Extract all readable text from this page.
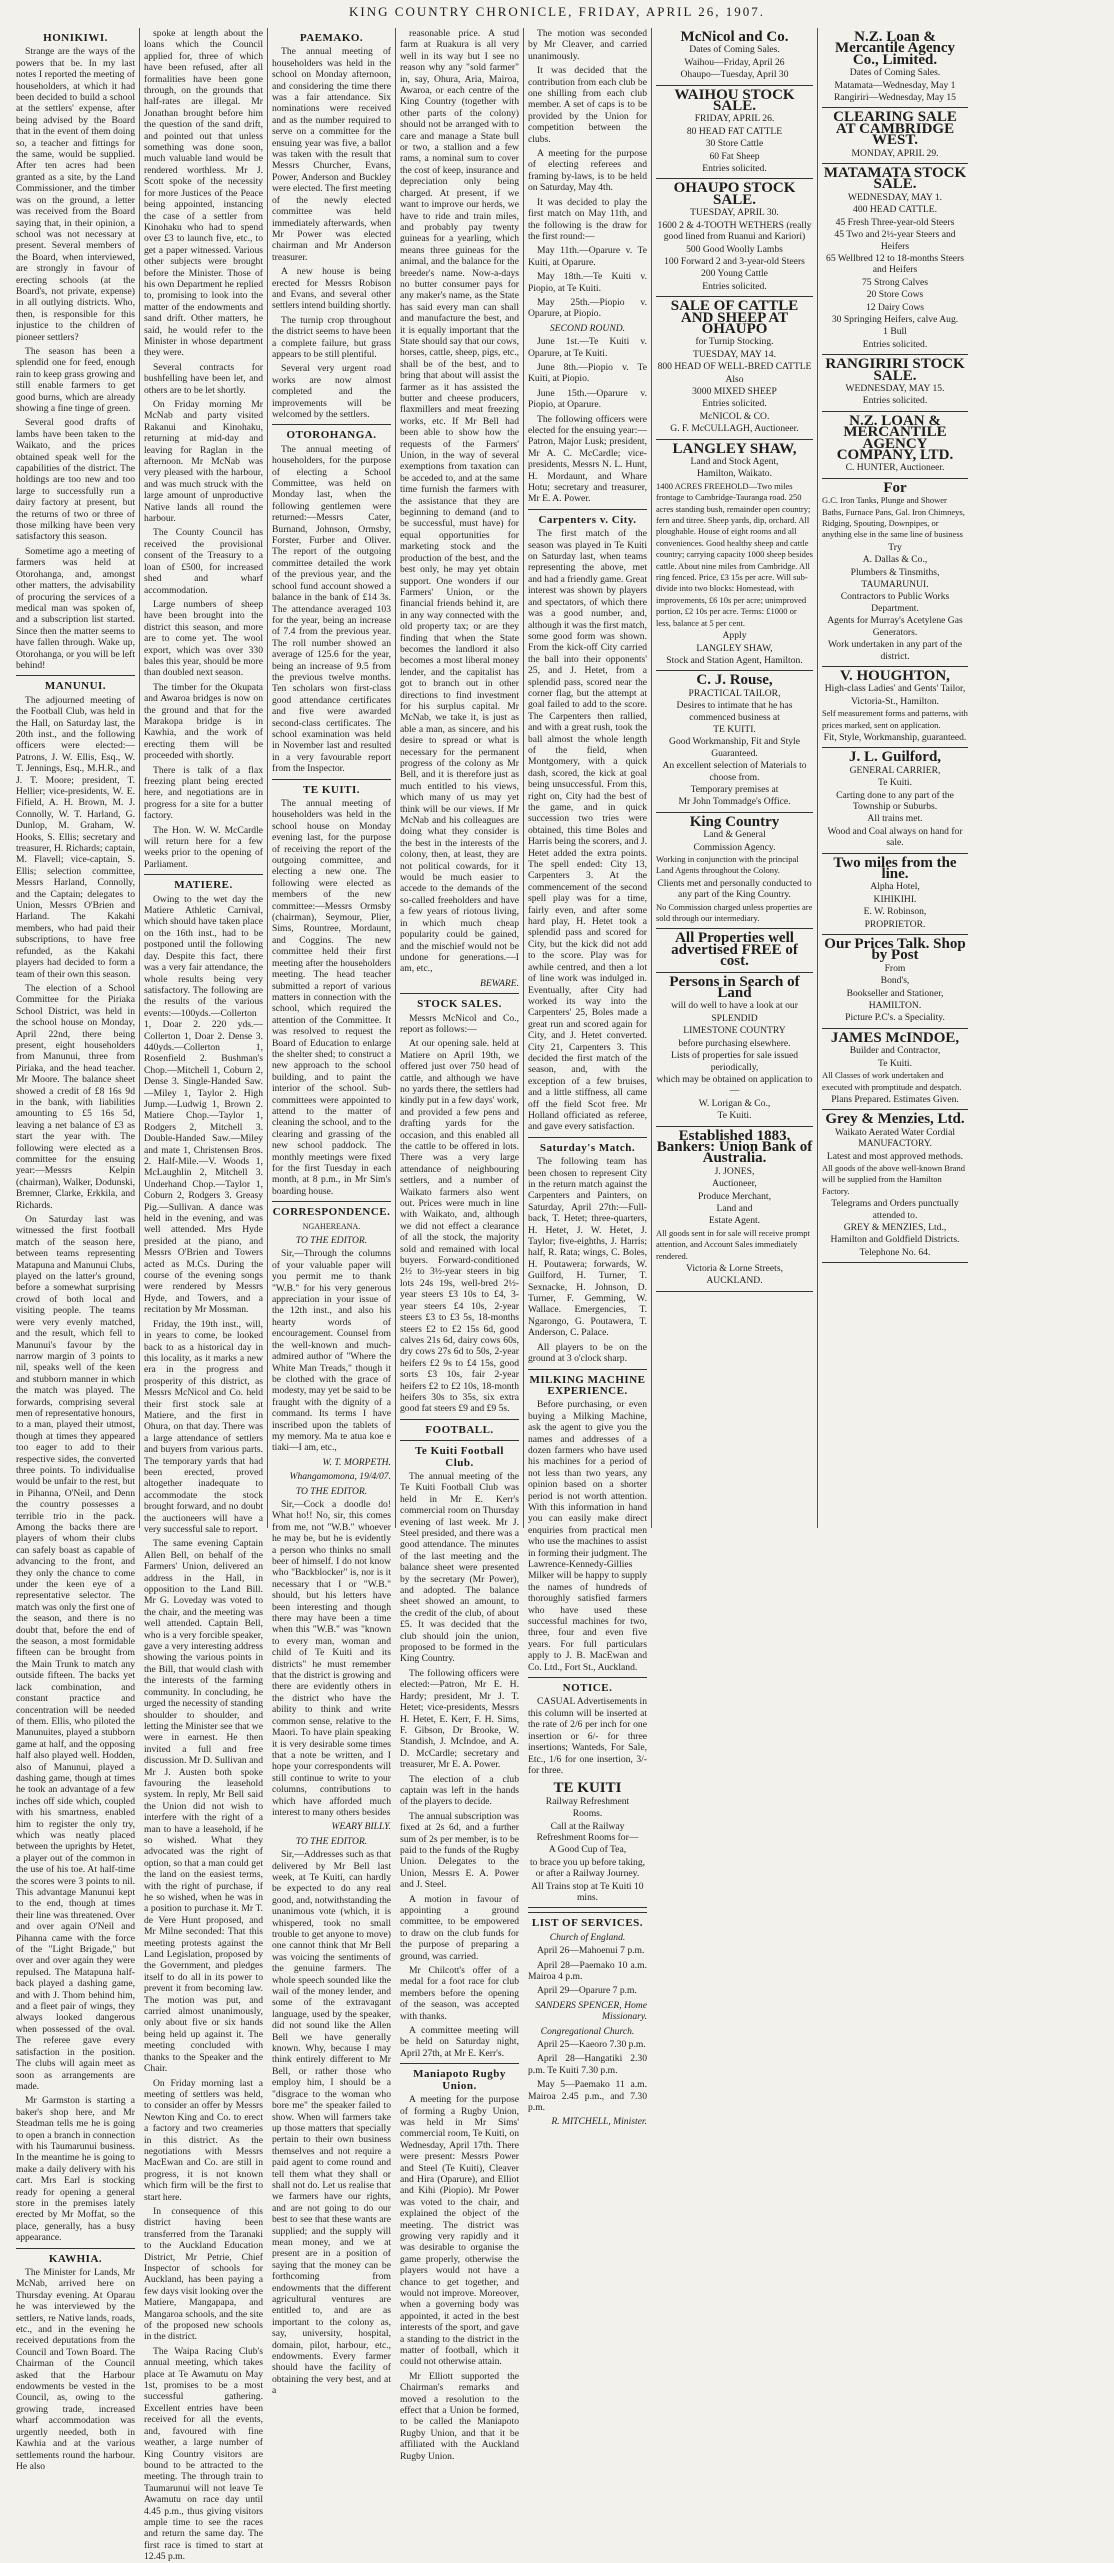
KING COUNTRY CHRONICLE, FRIDAY, APRIL 26, 1907.
HONIKIWI.

Strange are the ways of the powers that be. In my last notes I reported the meeting of householders, at which it had been decided to build a school at the settlers' expense, after being advised by the Board that in the event of them doing so, a teacher and fittings for the same, would be supplied. After ten acres had been granted as a site, by the Land Commissioner, and the timber was on the ground, a letter was received from the Board saying that, in their opinion, a school was not necessary at present. Several members of the Board, when interviewed, are strongly in favour of erecting schools (at the Board's, not private, expense) in all outlying districts. Who, then, is responsible for this injustice to the children of pioneer settlers?

The season has been a splendid one for feed, enough rain to keep grass growing and still enable farmers to get good burns, which are already showing a fine tinge of green.

Several good drafts of lambs have been taken to the Waikato, and the prices obtained speak well for the capabilities of the district. The holdings are too new and too large to successfully run a dairy factory at present, but the returns of two or three of those milking have been very satisfactory this season.

Sometime ago a meeting of farmers was held at Otorohanga, and, amongst other matters, the advisability of procuring the services of a medical man was spoken of, and a subscription list started. Since then the matter seems to have fallen through. Wake up, Otorohanga, or you will be left behind!

MANUNUI.

The adjourned meeting of the Football Club, was held in the Hall, on Saturday last, the 20th inst., and the following officers were elected:—Patrons, J. W. Ellis, Esq., W. T. Jennings, Esq., M.H.R., and J. T. Moore; president, T. Hellier; vice-presidents, W. E. Fifield, A. H. Brown, M. J. Connolly, W. T. Harland, G. Dunlop, M. Graham, W. Hooks, S. Ellis; secretary and treasurer, H. Richards; captain, M. Flavell; vice-captain, S. Ellis; selection committee, Messrs Harland, Connolly, and the Captain; delegates to Union, Messrs O'Brien and Harland. The Kakahi members, who had paid their subscriptions, to have free refunded, as the Kakahi players had decided to form a team of their own this season.

The election of a School Committee for the Piriaka School District, was held in the school house on Monday, April 22nd, there being present, eight householders from Manunui, three from Piriaka, and the head teacher. Mr Moore. The balance sheet showed a credit of £8 16s 9d in the bank, with liabilities amounting to £5 16s 5d, leaving a net balance of £3 as start the year with. The following were elected as a committee for the ensuing year:—Messrs Kelpin (chairman), Walker, Dodunski, Bremner, Clarke, Erkkila, and Richards.

On Saturday last was witnessed the first football match of the season here, between teams representing Matapuna and Manunui Clubs, played on the latter's ground, before a somewhat surprising crowd of both local and visiting people. The teams were very evenly matched, and the result, which fell to Manunui's favour by the narrow margin of 3 points to nil, speaks well of the keen and stubborn manner in which the match was played. The forwards, comprising several men of representative honours, to a man, played their utmost, though at times they appeared too eager to add to their respective sides, the converted three points. To individualise would be unfair to the rest, but in Pihanna, O'Neil, and Denn the country possesses a terrible trio in the pack. Among the backs there are players of whom their clubs can safely boast as capable of advancing to the front, and they only the chance to come under the keen eye of a representative selector. The match was only the first one of the season, and there is no doubt that, before the end of the season, a most formidable fifteen can be brought from the Main Trunk to match any outside fifteen. The backs yet lack combination, and constant practice and concentration will be needed of them. Ellis, who piloted the Manunuites, played a stubborn game at half, and the opposing half also played well. Hodden, also of Manunui, played a dashing game, though at times he took an advantage of a few inches off side which, coupled with his smartness, enabled him to register the only try, which was neatly placed between the uprights by Hetet, a player out of the common in the use of his toe. At half-time the scores were 3 points to nil. This advantage Manunui kept to the end, though at times their line was threatened. Over and over again O'Neil and Pihanna came with the force of the "Light Brigade," but over and over again they were repulsed. The Matapuna half-back played a dashing game, and with J. Thom behind him, and a fleet pair of wings, they always looked dangerous when possessed of the oval. The referee gave every satisfaction in the position. The clubs will again meet as soon as arrangements are made.

Mr Garmston is starting a baker's shop here, and Mr Steadman tells me he is going to open a branch in connection with his Taumarunui business. In the meantime he is going to make a daily delivery with his cart. Mrs Earl is stocking ready for opening a general store in the premises lately erected by Mr Moffat, so the place, generally, has a busy appearance.

KAWHIA.

The Minister for Lands, Mr McNab, arrived here on Thursday evening. At Oparau he was interviewed by the settlers, re Native lands, roads, etc., and in the evening he received deputations from the Council and Town Board. The Chairman of the Council asked that the Harbour endowments be vested in the Council, as, owing to the growing trade, increased wharf accommodation was urgently needed, both in Kawhia and at the various settlements round the harbour. He also

spoke at length about the loans which the Council applied for, three of which have been refused, after all formalities have been gone through, on the grounds that half-rates are illegal. Mr Jonathan brought before him the question of the sand drift, and pointed out that unless something was done soon, much valuable land would be rendered worthless. Mr J. Scott spoke of the necessity for more Justices of the Peace being appointed, instancing the case of a settler from Kinohaku who had to spend over £3 to launch five, etc., to get a paper witnessed. Various other subjects were brought before the Minister. Those of his own Department he replied to, promising to look into the matter of the endowments and sand drift. Other matters, he said, he would refer to the Minister in whose department they were.

Several contracts for bushfelling have been let, and others are to be let shortly.

On Friday morning Mr McNab and party visited Rakanui and Kinohaku, returning at mid-day and leaving for Raglan in the afternoon. Mr McNab was very pleased with the harbour, and was much struck with the large amount of unproductive Native lands all round the harbour.

The County Council has received the provisional consent of the Treasury to a loan of £500, for increased shed and wharf accommodation.

Large numbers of sheep have been brought into the district this season, and more are to come yet. The wool export, which was over 330 bales this year, should be more than doubled next season.

The timber for the Okupata and Awaroa bridges is now on the ground and that for the Marakopa bridge is in Kawhia, and the work of erecting them will be proceeded with shortly.

There is talk of a flax freezing plant being erected here, and negotiations are in progress for a site for a butter factory.

The Hon. W. W. McCardle will return here for a few weeks prior to the opening of Parliament.

MATIERE.

Owing to the wet day the Matiere Athletic Carnival, which should have taken place on the 16th inst., had to be postponed until the following day. Despite this fact, there was a very fair attendance, the whole results being very satisfactory. The following are the results of the various events:—100yds.—Collerton 1, Doar 2. 220 yds.—Collerton 1, Doar 2. Dense 3. 440yds.—Collerton 1, Rosenfield 2. Bushman's Chop.—Mitchell 1, Coburn 2, Dense 3. Single-Handed Saw.—Miley 1, Taylor 2. High Jump.—Ludwig 1, Brown 2. Matiere Chop.—Taylor 1, Rodgers 2, Mitchell 3. Double-Handed Saw.—Miley and mate 1, Christensen Bros. 2. Half-Mile.—V. Woods 1, McLaughlin 2, Mitchell 3. Underhand Chop.—Taylor 1, Coburn 2, Rodgers 3. Greasy Pig.—Sullivan. A dance was held in the evening, and was well attended. Mrs Hyde presided at the piano, and Messrs O'Brien and Towers acted as M.Cs. During the course of the evening songs were rendered by Messrs Hyde, and Towers, and a recitation by Mr Mossman.

Friday, the 19th inst., will, in years to come, be looked back to as a historical day in this locality, as it marks a new era in the progress and prosperity of this district, as Messrs McNicol and Co. held their first stock sale at Matiere, and the first in Ohura, on that day. There was a large attendance of settlers and buyers from various parts. The temporary yards that had been erected, proved altogether inadequate to accommodate the stock brought forward, and no doubt the auctioneers will have a very successful sale to report.

The same evening Captain Allen Bell, on behalf of the Farmers' Union, delivered an address in the Hall, in opposition to the Land Bill. Mr G. Loveday was voted to the chair, and the meeting was well attended. Captain Bell, who is a very forcible speaker, gave a very interesting address showing the various points in the Bill, that would clash with the interests of the farming community. In concluding, he urged the necessity of standing shoulder to shoulder, and letting the Minister see that we were in earnest. He then invited a full and free discussion. Mr D. Sullivan and Mr J. Austen both spoke favouring the leasehold system. In reply, Mr Bell said the Union did not wish to interfere with the right of a man to have a leasehold, if he so wished. What they advocated was the right of option, so that a man could get the land on the easiest terms, with the right of purchase, if he so wished, when he was in a position to purchase it. Mr T. de Vere Hunt proposed, and Mr Milne seconded: That this meeting protests against the Land Legislation, proposed by the Government, and pledges itself to do all in its power to prevent it from becoming law. The motion was put, and carried almost unanimously, only about five or six hands being held up against it. The meeting concluded with thanks to the Speaker and the Chair.

On Friday morning last a meeting of settlers was held, to consider an offer by Messrs Newton King and Co. to erect a factory and two creameries in this district. As the negotiations with Messrs MacEwan and Co. are still in progress, it is not known which firm will be the first to start here.

In consequence of this district having been transferred from the Taranaki to the Auckland Education District, Mr Petrie, Chief Inspector of schools for Auckland, has been paying a few days visit looking over the Matiere, Mangapapa, and Mangaroa schools, and the site of the proposed new schools in the district.

The Waipa Racing Club's annual meeting, which takes place at Te Awamutu on May 1st, promises to be a most successful gathering. Excellent entries have been received for all the events, and, favoured with fine weather, a large number of King Country visitors are bound to be attracted to the meeting. The through train to Taumarunui will not leave Te Awamutu on race day until 4.45 p.m., thus giving visitors ample time to see the races and return the same day. The first race is timed to start at 12.45 p.m.

PAEMAKO.

The annual meeting of householders was held in the school on Monday afternoon, and considering the time there was a fair attendance. Six nominations were received and as the number required to serve on a committee for the ensuing year was five, a ballot was taken with the result that Messrs Churcher, Evans, Power, Anderson and Buckley were elected. The first meeting of the newly elected committee was held immediately afterwards, when Mr Power was elected chairman and Mr Anderson treasurer.

A new house is being erected for Messrs Robison and Evans, and several other settlers intend building shortly.

The turnip crop throughout the district seems to have been a complete failure, but grass appears to be still plentiful.

Several very urgent road works are now almost completed and the improvements will be welcomed by the settlers.

OTOROHANGA.

The annual meeting of householders, for the purpose of electing a School Committee, was held on Monday last, when the following gentlemen were returned:—Messrs Cater, Burnand, Johnson, Ormsby, Forster, Furber and Oliver. The report of the outgoing committee detailed the work of the previous year, and the school fund account showed a balance in the bank of £14 3s. The attendance averaged 103 for the year, being an increase of 7.4 from the previous year. The roll number showed an average of 125.6 for the year, being an increase of 9.5 from the previous twelve months. Ten scholars won first-class good attendance certificates and five were awarded second-class certificates. The school examination was held in November last and resulted in a very favourable report from the Inspector.

TE KUITI.

The annual meeting of householders was held in the school house on Monday evening last, for the purpose of receiving the report of the outgoing committee, and electing a new one. The following were elected as members of the new committee:—Messrs Ormsby (chairman), Seymour, Plier, Sims, Rountree, Mordaunt, and Coggins. The new committee held their first meeting after the householders meeting. The head teacher submitted a report of various matters in connection with the school, which required the attention of the Committee. It was resolved to request the Board of Education to enlarge the shelter shed; to construct a new approach to the school building, and to paint the interior of the school. Sub-committees were appointed to attend to the matter of cleaning the school, and to the clearing and grassing of the new school paddock. The monthly meetings were fixed for the first Tuesday in each month, at 8 p.m., in Mr Sim's boarding house.

CORRESPONDENCE.
NGAHEREANA.
TO THE EDITOR.

Sir,—Through the columns of your valuable paper will you permit me to thank "W.B." for his very generous appreciation in your issue of the 12th inst., and also his hearty words of encouragement. Counsel from the well-known and much-admired author of "Where the White Man Treads," though it be clothed with the grace of modesty, may yet be said to be fraught with the dignity of a command. Its terms I have inscribed upon the tablets of my memory. Ma te atua koe e tiaki—I am, etc.,

W. T. MORPETH.
Whangamomona, 19/4/07.
TO THE EDITOR.

Sir,—Cock a doodle do! What ho!! No, sir, this comes from me, not "W.B." whoever he may be, but he is evidently a person who thinks no small beer of himself. I do not know who "Backblocker" is, nor is it necessary that I or "W.B." should, but his letters have been interesting and though there may have been a time when this "W.B." was "known to every man, woman and child of Te Kuiti and its districts" he must remember that the district is growing and there are evidently others in the district who have the ability to think and write common sense, relative to the Maori. To have plain speaking it is very desirable some times that a note be written, and I hope your correspondents will still continue to write to your columns, contributions to which have afforded much interest to many others besides

WEARY BILLY.
TO THE EDITOR.

Sir,—Addresses such as that delivered by Mr Bell last week, at Te Kuiti, can hardly be expected to do any real good, and, notwithstanding the unanimous vote (which, it is whispered, took no small trouble to get anyone to move) one cannot think that Mr Bell was voicing the sentiments of the genuine farmers. The whole speech sounded like the wail of the money lender, and some of the extravagant language, used by the speaker, did not sound like the Allen Bell we have generally known. Why, because I may think entirely different to Mr Bell, or rather those who employ him, I should be a "disgrace to the woman who bore me" the speaker failed to show. When will farmers take up those matters that specially pertain to their own business themselves and not require a paid agent to come round and tell them what they shall or shall not do. Let us realise that we farmers have our rights, and are not going to do our best to see that these wants are supplied; and the supply will mean money, and we at present are in a position of saying that the money can be forthcoming from endowments that the different agricultural ventures are entitled to, and are as important to the colony as, say, university, hospital, domain, pilot, harbour, etc., endowments. Every farmer should have the facility of obtaining the very best, and at a

reasonable price. A stud farm at Ruakura is all very well in its way but I see no reason why any "sold farmer" in, say, Ohura, Aria, Mairoa, Awaroa, or each centre of the King Country (together with other parts of the colony) should not be arranged with to care and manage a State bull or two, a stallion and a few rams, a nominal sum to cover the cost of keep, insurance and depreciation only being charged. At present, if we want to improve our herds, we have to ride and train miles, and probably pay twenty guineas for a yearling, which means three guineas for the animal, and the balance for the breeder's name. Now-a-days no butter consumer pays for any maker's name, as the State has said every man can shall and manufacture the best, and it is equally important that the State should say that our cows, horses, cattle, sheep, pigs, etc., shall be of the best, and to bring that about will assist the farmer as it has assisted the butter and cheese producers, flaxmillers and meat freezing works, etc. If Mr Bell had been able to show how the requests of the Farmers' Union, in the way of several exemptions from taxation can be acceded to, and at the same time furnish the farmers with the assistance that they are beginning to demand (and to be successful, must have) for equal opportunities for marketing stock and the production of the best, and the best only, he may yet obtain support. One wonders if our Farmers' Union, or the financial friends behind it, are in any way connected with the old property tax; or are they finding that when the State becomes the landlord it also becomes a most liberal money lender, and the capitalist has got to branch out in other directions to find investment for his surplus capital. Mr McNab, we take it, is just as able a man, as sincere, and his desire to spread or what is necessary for the permanent progress of the colony as Mr Bell, and it is therefore just as much entitled to his views, which many of us may yet think will be our views. If Mr McNab and his colleagues are doing what they consider is the best in the interests of the colony, then, at least, they are not political cowards, for it would be much easier to accede to the demands of the so-called freeholders and have a few years of riotous living, in which much cheap popularity could be gained, and the mischief would not be undone for generations.—I am, etc.,

BEWARE.
STOCK SALES.

Messrs McNicol and Co., report as follows:—

At our opening sale. held at Matiere on April 19th, we offered just over 750 head of cattle, and although we have no yards there, the settlers had kindly put in a few days' work, and provided a few pens and drafting yards for the occasion, and this enabled all the cattle to be offered in lots. There was a very large attendance of neighbouring settlers, and a number of Waikato farmers also went out. Prices were much in line with Waikato, and, although we did not effect a clearance of all the stock, the majority sold and remained with local buyers. Forward-conditioned 2½ to 3½-year steers in big lots 24s 19s, well-bred 2½-year steers £3 10s to £4, 3-year steers £4 10s, 2-year steers £3 to £3 5s, 18-months steers £2 to £2 15s 6d, good calves 21s 6d, dairy cows 60s, dry cows 27s 6d to 50s, 2-year heifers £2 9s to £4 15s, good sorts £3 10s, fair 2-year heifers £2 to £2 10s, 18-month heifers 30s to 35s, six extra good fat steers £9 and £9 5s.

FOOTBALL.
Te Kuiti Football Club.

The annual meeting of the Te Kuiti Football Club was held in Mr E. Kerr's commercial room on Thursday evening of last week. Mr J. Steel presided, and there was a good attendance. The minutes of the last meeting and the balance sheet were presented by the secretary (Mr Power), and adopted. The balance sheet showed an amount, to the credit of the club, of about £5. It was decided that the club should join the union, proposed to be formed in the King Country.

The following officers were elected:—Patron, Mr E. H. Hardy; president, Mr J. T. Hetet; vice-presidents, Messrs H. Hetet, E. Kerr, F. H. Sims, F. Gibson, Dr Brooke, W. Standish, J. McIndoe, and A. D. McCardle; secretary and treasurer, Mr E. A. Power.

The election of a club captain was left in the hands of the players to decide.

The annual subscription was fixed at 2s 6d, and a further sum of 2s per member, is to be paid to the funds of the Rugby Union. Delegates to the Union, Messrs E. A. Power and J. Steel.

A motion in favour of appointing a ground committee, to be empowered to draw on the club funds for the purpose of preparing a ground, was carried.

Mr Chilcott's offer of a medal for a foot race for club members before the opening of the season, was accepted with thanks.

A committee meeting will be held on Saturday night, April 27th, at Mr E. Kerr's.

Maniapoto Rugby Union.

A meeting for the purpose of forming a Rugby Union, was held in Mr Sims' commercial room, Te Kuiti, on Wednesday, April 17th. There were present: Messrs Power and Steel (Te Kuiti), Cleaver and Hira (Oparure), and Elliot and Kihi (Piopio). Mr Power was voted to the chair, and explained the object of the meeting. The district was growing very rapidly and it was desirable to organise the game properly, otherwise the players would not have a chance to get together, and would not improve. Moreover, when a governing body was appointed, it acted in the best interests of the sport, and gave a standing to the district in the matter of football, which it could not otherwise attain.

Mr Elliott supported the Chairman's remarks and moved a resolution to the effect that a Union be formed, to be called the Maniapoto Rugby Union, and that it be affiliated with the Auckland Rugby Union.

The motion was seconded by Mr Cleaver, and carried unanimously.

It was decided that the contribution from each club be one shilling from each club member. A set of caps is to be provided by the Union for competition between the clubs.

A meeting for the purpose of electing referees and framing by-laws, is to be held on Saturday, May 4th.

It was decided to play the first match on May 11th, and the following is the draw for the first round:—

May 11th.—Oparure v. Te Kuiti, at Oparure.

May 18th.—Te Kuiti v. Piopio, at Te Kuiti.

May 25th.—Piopio v. Oparure, at Piopio.

SECOND ROUND.

June 1st.—Te Kuiti v. Oparure, at Te Kuiti.

June 8th.—Piopio v. Te Kuiti, at Piopio.

June 15th.—Oparure v. Piopio, at Oparure.

The following officers were elected for the ensuing year:—Patron, Major Lusk; president, Mr A. C. McCardle; vice-presidents, Messrs N. L. Hunt, H. Mordaunt, and Whare Hotu; secretary and treasurer, Mr E. A. Power.

Carpenters v. City.

The first match of the season was played in Te Kuiti on Saturday last, when teams representing the above, met and had a friendly game. Great interest was shown by players and spectators, of which there was a good number, and, although it was the first match, some good form was shown. From the kick-off City carried the ball into their opponents' 25, and J. Hetet, from a splendid pass, scored near the corner flag, but the attempt at goal failed to add to the score. The Carpenters then rallied, and with a great rush, took the ball almost the whole length of the field, when Montgomery, with a quick dash, scored, the kick at goal being unsuccessful. From this, right on, City had the best of the game, and in quick succession two tries were obtained, this time Boles and Harris being the scorers, and J. Hetet added the extra points. The spell ended: City 13, Carpenters 3. At the commencement of the second spell play was for a time, fairly even, and after some hard play, H. Hetet took a splendid pass and scored for City, but the kick did not add to the score. Play was for awhile centred, and then a lot of line work was indulged in. Eventually, after City had worked its way into the Carpenters' 25, Boles made a great run and scored again for City, and J. Hetet converted. City 21, Carpenters 3. This decided the first match of the season, and, with the exception of a few bruises, and a little stiffness, all came off the field Scot free. Mr Holland officiated as referee, and gave every satisfaction.

Saturday's Match.

The following team has been chosen to represent City in the return match against the Carpenters and Painters, on Saturday, April 27th:—Full-back, T. Hetet; three-quarters, H. Hetet, J. W. Hetet, J. Taylor; five-eighths, J. Harris; half, R. Rata; wings, C. Boles, H. Poutawera; forwards, W. Guilford, H. Turner, T. Sexnacke, H. Johnson, D. Turner, F. Gemming, W. Wallace. Emergencies, T. Ngarongo, G. Poutawera, T. Anderson, C. Palace.

All players to be on the ground at 3 o'clock sharp.

MILKING MACHINE EXPERIENCE.

Before purchasing, or even buying a Milking Machine, ask the agent to give you the names and addresses of a dozen farmers who have used his machines for a period of not less than two years, any opinion based on a shorter period is not worth attention. With this information in hand you can easily make direct enquiries from practical men who use the machines to assist in forming their judgment. The Lawrence-Kennedy-Gillies Milker will be happy to supply the names of hundreds of thoroughly satisfied farmers who have used these successful machines for two, three, four and even five years. For full particulars apply to J. B. MacEwan and Co. Ltd., Fort St., Auckland.

NOTICE.

CASUAL Advertisements in this column will be inserted at the rate of 2/6 per inch for one insertion or 6/- for three insertions; Wanteds, For Sale, Etc., 1/6 for one insertion, 3/- for three.

TE KUITI
Railway Refreshment
Rooms.
Call at the Railway Refreshment Rooms for—
A Good Cup of Tea,
to brace you up before taking, or after a Railway Journey.
All Trains stop at Te Kuiti 10 mins.
LIST OF SERVICES.
Church of England.

April 26—Mahoenui 7 p.m.

April 28—Paemako 10 a.m. Mairoa 4 p.m.

April 29—Oparure 7 p.m.

SANDERS SPENCER, Home Missionary.
Congregational Church.

April 25—Kaeoro 7.30 p.m.

April 28—Hangatiki 2.30 p.m. Te Kuiti 7.30 p.m.

May 5—Paemako 11 a.m. Mairoa 2.45 p.m., and 7.30 p.m.

R. MITCHELL, Minister.
McNicol and Co.
Dates of Coming Sales.
Waihou—Friday, April 26
Ohaupo—Tuesday, April 30
WAIHOU STOCK SALE.
FRIDAY, APRIL 26.
80 HEAD FAT CATTLE
30 Store Cattle
60 Fat Sheep
Entries solicited.
OHAUPO STOCK SALE.
TUESDAY, APRIL 30.
1600 2 & 4-TOOTH WETHERS (really good lined from Ruanui and Kariori)
500 Good Woolly Lambs
100 Forward 2 and 3-year-old Steers
200 Young Cattle
Entries solicited.
SALE OF CATTLE AND SHEEP AT OHAUPO
for Turnip Stocking.
TUESDAY, MAY 14.
800 HEAD OF WELL-BRED CATTLE
Also
3000 MIXED SHEEP
Entries solicited.
McNICOL & CO.
G. F. McCULLAGH, Auctioneer.
LANGLEY SHAW,
Land and Stock Agent,
Hamilton, Waikato.
1400 ACRES FREEHOLD—Two miles frontage to Cambridge-Tauranga road. 250 acres standing bush, remainder open country; fern and titree. Sheep yards, dip, orchard. All ploughable. House of eight rooms and all conveniences. Good healthy sheep and cattle country; carrying capacity 1000 sheep besides cattle. About nine miles from Cambridge. All ring fenced. Price, £3 15s per acre. Will sub-divide into two blocks: Homestead, with improvements, £6 10s per acre; unimproved portion, £2 10s per acre. Terms: £1000 or less, balance at 5 per cent.
Apply
LANGLEY SHAW,
Stock and Station Agent, Hamilton.
C. J. Rouse,
PRACTICAL TAILOR,
Desires to intimate that he has commenced business at
TE KUITI.
Good Workmanship, Fit and Style Guaranteed.
An excellent selection of Materials to choose from.
Temporary premises at
Mr John Tommadge's Office.
King Country
Land & General
Commission Agency.
Working in conjunction with the principal Land Agents throughout the Colony.
Clients met and personally conducted to any part of the King Country.
No Commission charged unless properties are sold through our intermediary.
All Properties well advertised FREE of cost.
Persons in Search of Land
will do well to have a look at our
SPLENDID
LIMESTONE COUNTRY
before purchasing elsewhere.
Lists of properties for sale issued periodically,
which may be obtained on application to—
W. Lorigan & Co.,
Te Kuiti.
Established 1883. Bankers: Union Bank of Australia.
J. JONES,
Auctioneer,
Produce Merchant,
Land and
Estate Agent.
All goods sent in for sale will receive prompt attention, and Account Sales immediately rendered.
Victoria & Lorne Streets,
AUCKLAND.
N.Z. Loan & Mercantile Agency Co., Limited.
Dates of Coming Sales.
Matamata—Wednesday, May 1
Rangiriri—Wednesday, May 15
CLEARING SALE AT CAMBRIDGE WEST.
MONDAY, APRIL 29.
MATAMATA STOCK SALE.
WEDNESDAY, MAY 1.
400 HEAD CATTLE.
45 Fresh Three-year-old Steers
45 Two and 2½-year Steers and Heifers
65 Wellbred 12 to 18-months Steers and Heifers
75 Strong Calves
20 Store Cows
12 Dairy Cows
30 Springing Heifers, calve Aug.
1 Bull
Entries solicited.
RANGIRIRI STOCK SALE.
WEDNESDAY, MAY 15.
Entries solicited.
N.Z. LOAN & MERCANTILE AGENCY COMPANY, LTD.
C. HUNTER, Auctioneer.
For
G.C. Iron Tanks, Plunge and Shower Baths, Furnace Pans, Gal. Iron Chimneys, Ridging, Spouting, Downpipes, or anything else in the same line of business
Try
A. Dallas & Co.,
Plumbers & Tinsmiths,
TAUMARUNUI.
Contractors to Public Works Department.
Agents for Murray's Acetylene Gas Generators.
Work undertaken in any part of the district.
V. HOUGHTON,
High-class Ladies' and Gents' Tailor,
Victoria-St., Hamilton.
Self measurement forms and patterns, with prices marked, sent on application.
Fit, Style, Workmanship, guaranteed.
J. L. Guilford,
GENERAL CARRIER,
Te Kuiti.
Carting done to any part of the Township or Suburbs.
All trains met.
Wood and Coal always on hand for sale.
Two miles from the line.
Alpha Hotel,
KIHIKIHI.
E. W. Robinson,
PROPRIETOR.
Our Prices Talk. Shop by Post
From
Bond's,
Bookseller and Stationer,
HAMILTON.
Picture P.C's. a Speciality.
JAMES McINDOE,
Builder and Contractor,
Te Kuiti.
All Classes of work undertaken and executed with promptitude and despatch.
Plans Prepared. Estimates Given.
Grey & Menzies, Ltd.
Waikato Aerated Water Cordial MANUFACTORY.
Latest and most approved methods.
All goods of the above well-known Brand will be supplied from the Hamilton Factory.
Telegrams and Orders punctually attended to.
GREY & MENZIES, Ltd.,
Hamilton and Goldfield Districts.
Telephone No. 64.
